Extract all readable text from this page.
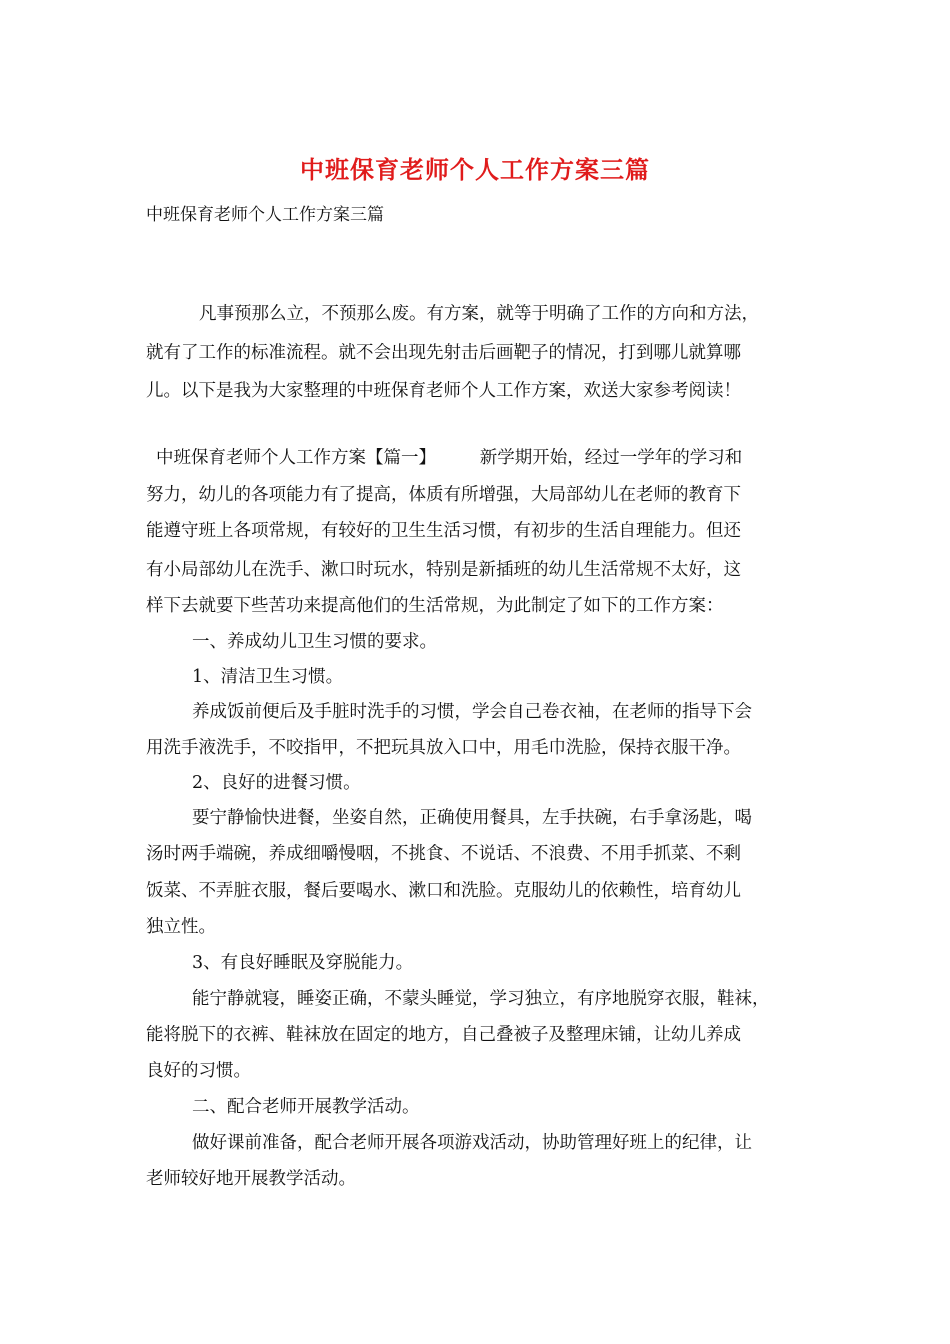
中班保育老师个人工作方案三篇
中班保育老师个人工作方案三篇
凡事预那么立，不预那么废。有方案，就等于明确了工作的方向和方法，
就有了工作的标准流程。就不会出现先射击后画靶子的情况，打到哪儿就算哪
儿。以下是我为大家整理的中班保育老师个人工作方案，欢送大家参考阅读！
中班保育老师个人工作方案【篇一】　　　新学期开始，经过一学年的学习和
努力，幼儿的各项能力有了提高，体质有所增强，大局部幼儿在老师的教育下
能遵守班上各项常规，有较好的卫生生活习惯，有初步的生活自理能力。但还
有小局部幼儿在洗手、漱口时玩水，特别是新插班的幼儿生活常规不太好，这
样下去就要下些苦功来提高他们的生活常规，为此制定了如下的工作方案：
一、养成幼儿卫生习惯的要求。
1、清洁卫生习惯。
养成饭前便后及手脏时洗手的习惯，学会自己卷衣袖，在老师的指导下会
用洗手液洗手，不咬指甲，不把玩具放入口中，用毛巾洗脸，保持衣服干净。
2、良好的进餐习惯。
要宁静愉快进餐，坐姿自然，正确使用餐具，左手扶碗，右手拿汤匙，喝
汤时两手端碗，养成细嚼慢咽，不挑食、不说话、不浪费、不用手抓菜、不剩
饭菜、不弄脏衣服，餐后要喝水、漱口和洗脸。克服幼儿的依赖性，培育幼儿
独立性。
3、有良好睡眠及穿脱能力。
能宁静就寝，睡姿正确，不蒙头睡觉，学习独立，有序地脱穿衣服，鞋袜，
能将脱下的衣裤、鞋袜放在固定的地方，自己叠被子及整理床铺，让幼儿养成
良好的习惯。
二、配合老师开展教学活动。
做好课前准备，配合老师开展各项游戏活动，协助管理好班上的纪律，让
老师较好地开展教学活动。
